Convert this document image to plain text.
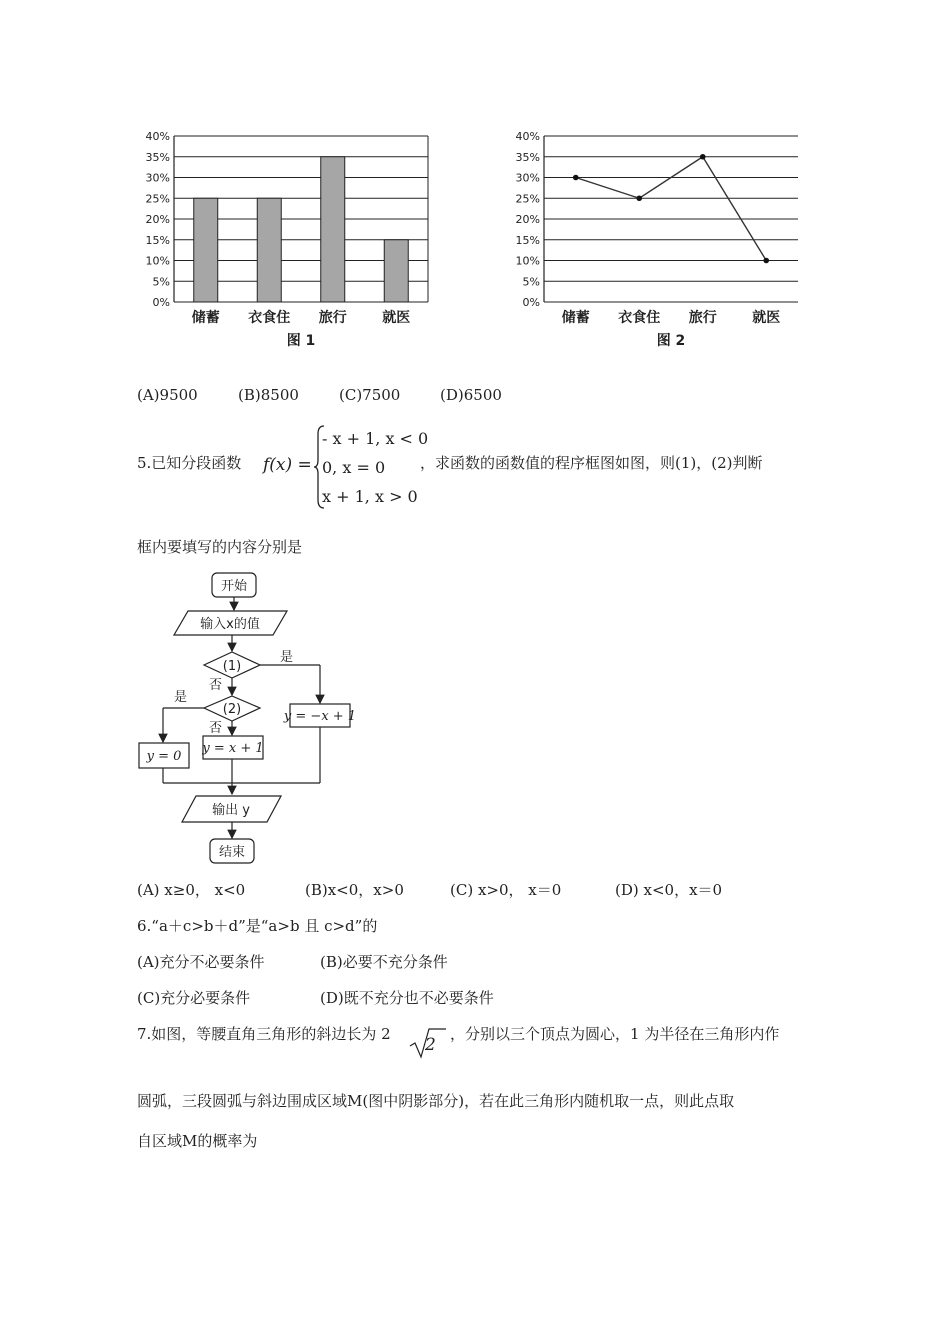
0%
5%
10%
15%
20%
25%
30%
35%
40%
储蓄 衣食住 旅行	就医
图 1
0%
5%
10%
15%
20%
25%
30%
35%
40%
储蓄 衣食住 旅行	就医
图 2
(A)9500	(B)8500	(C)7500	(D)6500
5.已知分段函数 f(x) =
- x + 1, x < 0
0, x = 0
x + 1, x > 0
，求函数的函数值的程序框图如图，则(1)，(2)判断
框内要填写的内容分别是
开始
输入x的值
(1)
(2)
是
否
是
否
y = −x + 1
y = x + 1
y = 0
输出 y
结束
(A) x≥0， x<0	(B)x<0，x>0	(C) x>0， x＝0	(D) x<0，x＝0
6.“a＋c>b＋d”是“a>b 且 c>d”的
(A)充分不必要条件	(B)必要不充分条件
(C)充分必要条件	(D)既不充分也不必要条件
7.如图，等腰直角三角形的斜边长为 2
2
，分别以三个顶点为圆心，1 为半径在三角形内作
圆弧，三段圆弧与斜边围成区域M(图中阴影部分)，若在此三角形内随机取一点，则此点取
自区域M的概率为
